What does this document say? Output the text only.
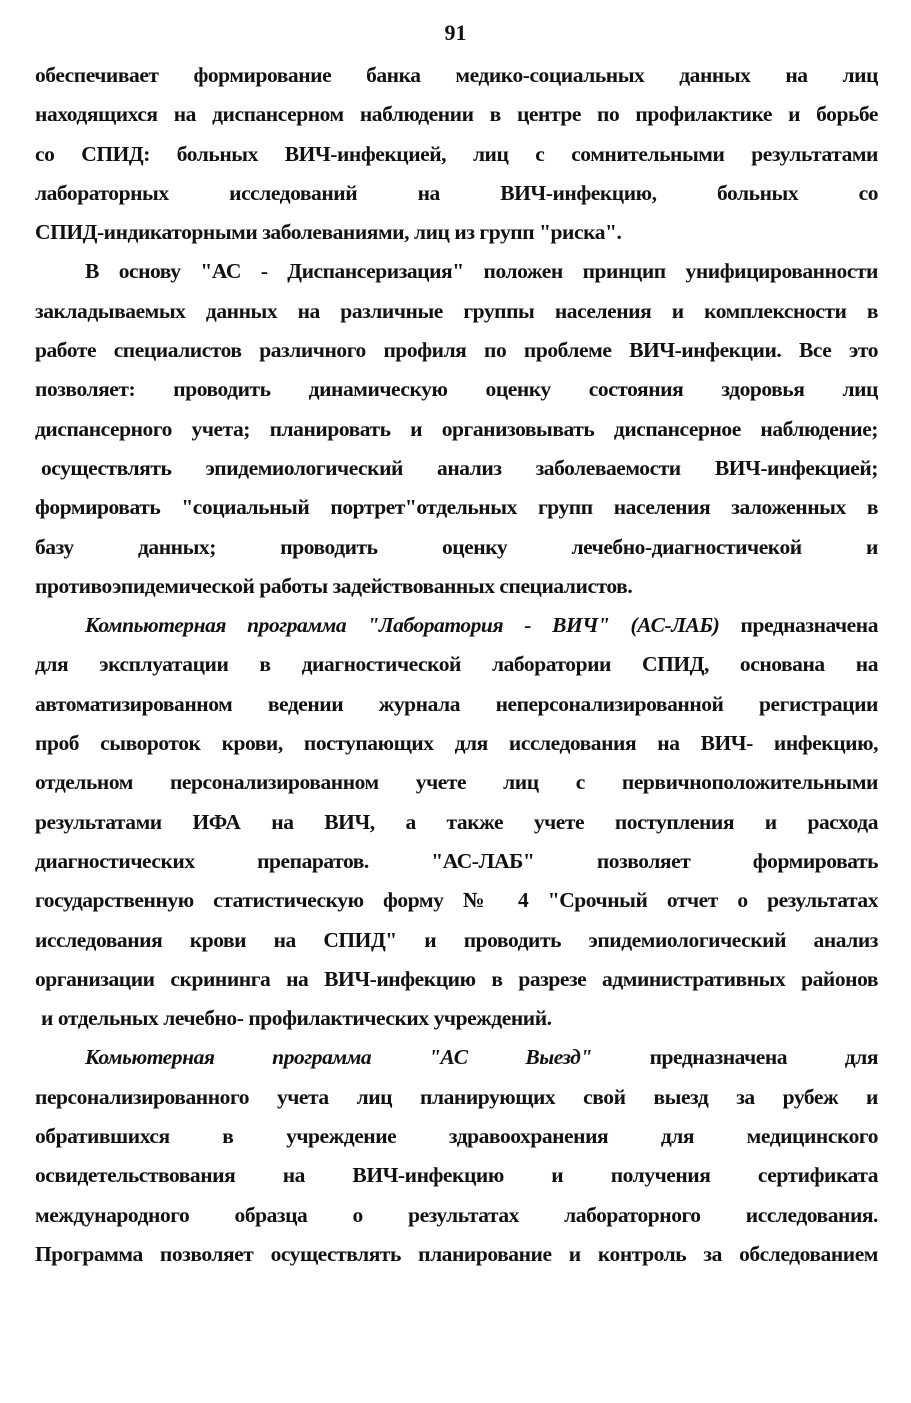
91
обеспечивает формирование банка медико-социальных данных на лиц
находящихся на диспансерном наблюдении в центре по профилактике и борьбе
со СПИД: больных ВИЧ-инфекцией, лиц с сомнительными результатами
лабораторных исследований на ВИЧ-инфекцию, больных со
СПИД-индикаторными заболеваниями, лиц из групп "риска".
В основу "АС - Диспансеризация" положен принцип унифицированности
закладываемых данных на различные группы населения и комплексности в
работе специалистов различного профиля по проблеме ВИЧ-инфекции. Все это
позволяет: проводить динамическую оценку состояния здоровья лиц
диспансерного учета; планировать и организовывать диспансерное наблюдение;
осуществлять эпидемиологический анализ заболеваемости ВИЧ-инфекцией;
формировать "социальный портрет"отдельных групп населения заложенных в
базу данных; проводить оценку лечебно-диагностичекой и
противоэпидемической работы задействованных специалистов.
Компьютерная программа "Лаборатория - ВИЧ" (АС-ЛАБ) предназначена
для эксплуатации в диагностической лаборатории СПИД, основана на
автоматизированном ведении журнала неперсонализированной регистрации
проб сывороток крови, поступающих для исследования на ВИЧ- инфекцию,
отдельном персонализированном учете лиц с первичноположительными
результатами ИФА на ВИЧ, а также учете поступления и расхода
диагностических препаратов. "АС-ЛАБ" позволяет формировать
государственную статистическую форму № 4 "Срочный отчет о результатах
исследования крови на СПИД" и проводить эпидемиологический анализ
организации скрининга на ВИЧ-инфекцию в разрезе административных районов
и отдельных лечебно- профилактических учреждений.
Комьютерная программа "АС Выезд"	предназначена для
персонализированного учета лиц планирующих свой выезд за рубеж и
обратившихся в учреждение здравоохранения для медицинского
освидетельствования на ВИЧ-инфекцию и получения сертификата
международного образца о результатах лабораторного исследования.
Программа позволяет осуществлять планирование и контроль за обследованием
